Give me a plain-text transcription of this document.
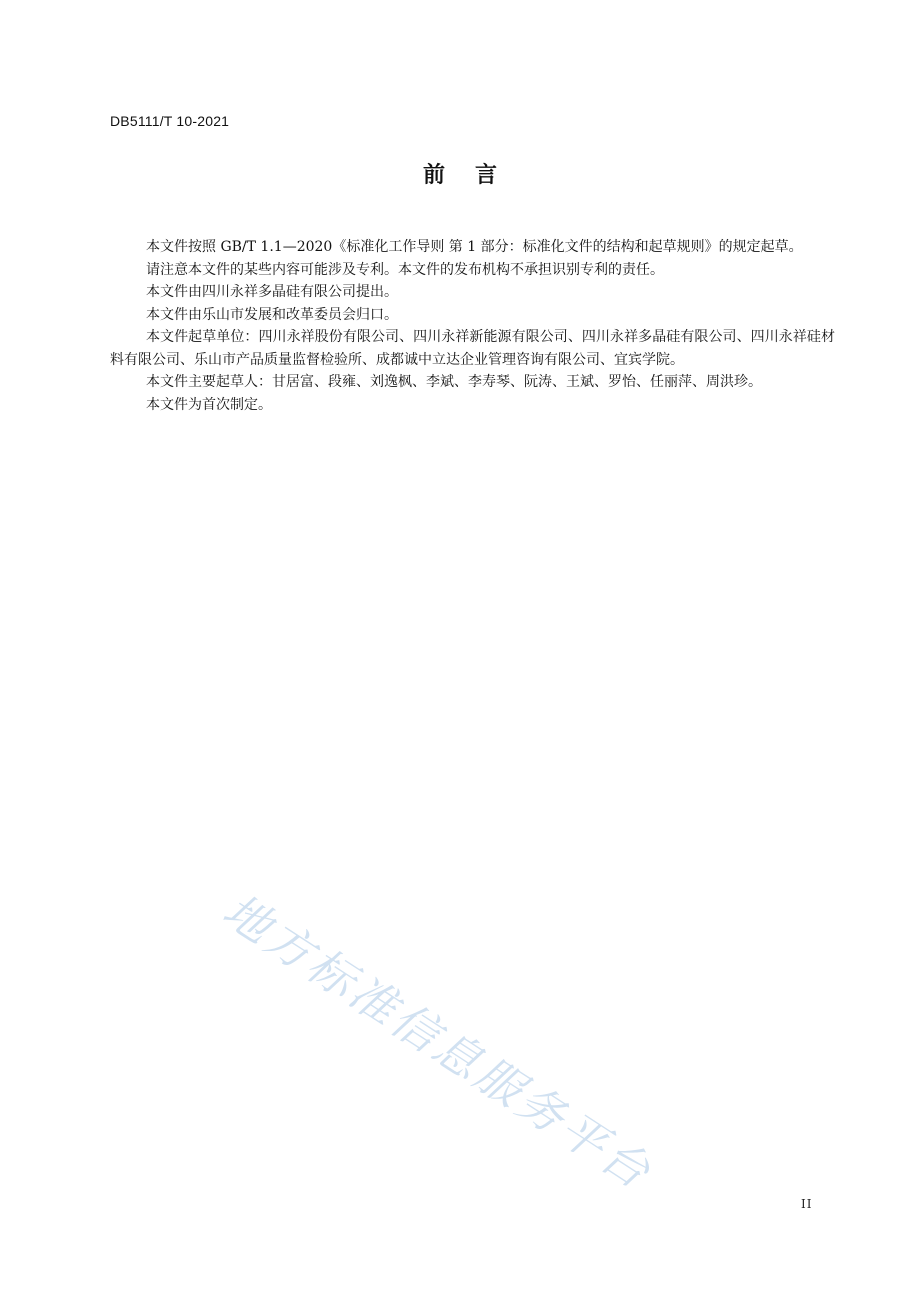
DB5111/T 10-2021
前言

本文件按照 GB/T 1.1—2020《标准化工作导则 第 1 部分：标准化文件的结构和起草规则》的规定起草。

请注意本文件的某些内容可能涉及专利。本文件的发布机构不承担识别专利的责任。

本文件由四川永祥多晶硅有限公司提出。

本文件由乐山市发展和改革委员会归口。

本文件起草单位：四川永祥股份有限公司、四川永祥新能源有限公司、四川永祥多晶硅有限公司、四川永祥硅材料有限公司、乐山市产品质量监督检验所、成都诚中立达企业管理咨询有限公司、宜宾学院。

本文件主要起草人：甘居富、段雍、刘逸枫、李斌、李寿琴、阮涛、王斌、罗怡、任丽萍、周洪珍。

本文件为首次制定。

地方标准信息服务平台
II
